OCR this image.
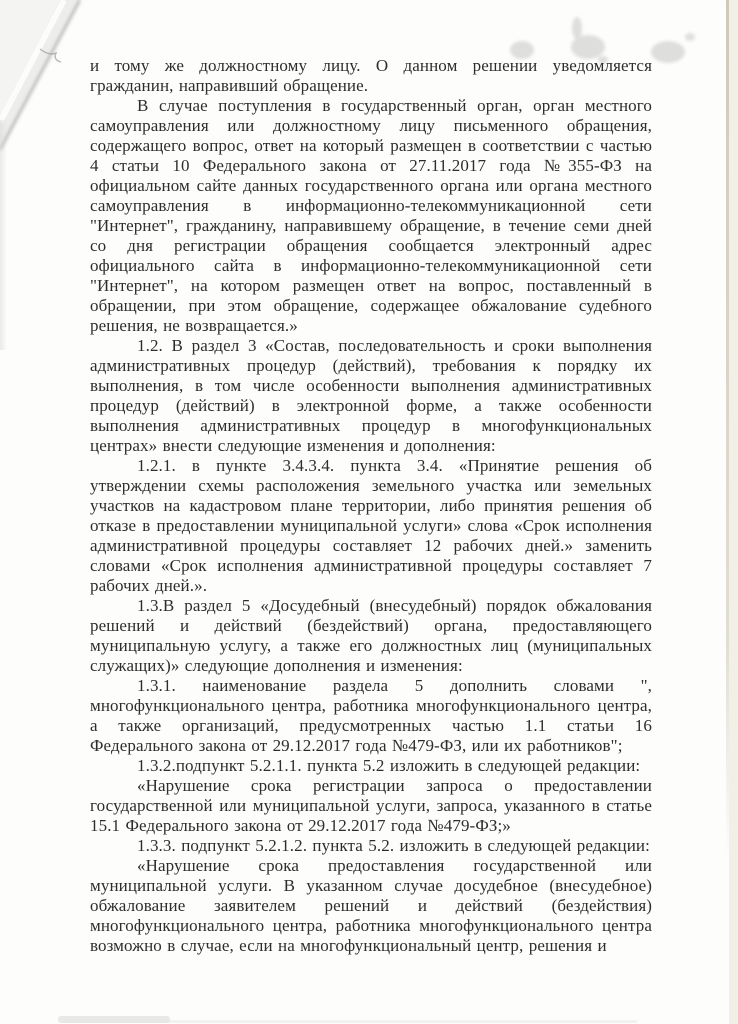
и тому же должностному лицу. О данном решении уведомляется гражданин, направивший обращение.

В случае поступления в государственный орган, орган местного самоуправления или должностному лицу письменного обращения, содержащего вопрос, ответ на который размещен в соответствии с частью 4 статьи 10 Федерального закона от 27.11.2017 года №355-ФЗ на официальном сайте данных государственного органа или органа местного самоуправления в информационно-телекоммуникационной сети "Интернет", гражданину, направившему обращение, в течение семи дней со дня регистрации обращения сообщается электронный адрес официального сайта в информационно-телекоммуникационной сети "Интернет", на котором размещен ответ на вопрос, поставленный в обращении, при этом обращение, содержащее обжалование судебного решения, не возвращается.»

1.2. В раздел 3 «Состав, последовательность и сроки выполнения административных процедур (действий), требования к порядку их выполнения, в том числе особенности выполнения административных процедур (действий) в электронной форме, а также особенности выполнения административных процедур в многофункциональных центрах» внести следующие изменения и дополнения:

1.2.1. в пункте 3.4.3.4. пункта 3.4. «Принятие решения об утверждении схемы расположения земельного участка или земельных участков на кадастровом плане территории, либо принятия решения об отказе в предоставлении муниципальной услуги» слова «Срок исполнения административной процедуры составляет 12 рабочих дней.» заменить словами «Срок исполнения административной процедуры составляет 7 рабочих дней.».

1.3.В раздел 5 «Досудебный (внесудебный) порядок обжалования решений и действий (бездействий) органа, предоставляющего муниципальную услугу, а также его должностных лиц (муниципальных служащих)» следующие дополнения и изменения:

1.3.1. наименование раздела 5 дополнить словами ", многофункционального центра, работника многофункционального центра, а также организаций, предусмотренных частью 1.1 статьи 16 Федерального закона от 29.12.2017 года №479-ФЗ, или их работников";

1.3.2.подпункт 5.2.1.1. пункта 5.2 изложить в следующей редакции:

«Нарушение срока регистрации запроса о предоставлении государственной или муниципальной услуги, запроса, указанного в статье 15.1 Федерального закона от 29.12.2017 года №479-ФЗ;»

1.3.3. подпункт 5.2.1.2. пункта 5.2. изложить в следующей редакции:

«Нарушение срока предоставления государственной или муниципальной услуги. В указанном случае досудебное (внесудебное) обжалование заявителем решений и действий (бездействия) многофункционального центра, работника многофункционального центра возможно в случае, если на многофункциональный центр, решения и
